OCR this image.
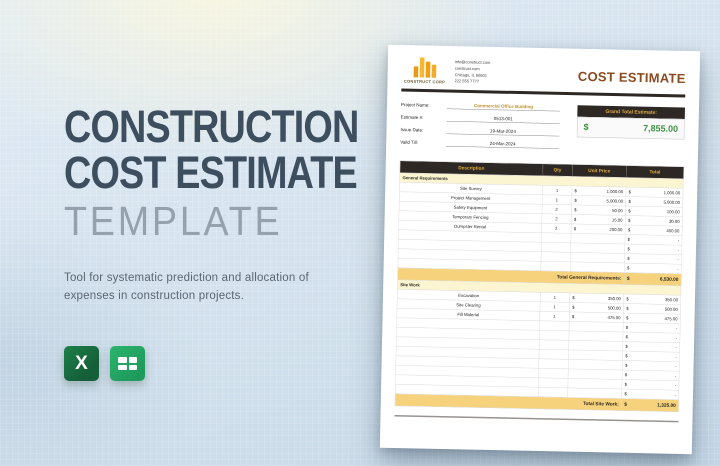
CONSTRUCTION
COST ESTIMATE
TEMPLATE

Tool for systematic prediction and allocation of expenses in construction projects.

X
CONSTRUCT CORP
info@construct.com
construct.com
Chicago, IL 60601
222 555 7777	COST ESTIMATE
Project Name:	Commercial Office Building
Estimate #:	0513-001
Issue Date:	19-Mar-2024
Valid Till:	24-Mar-2024
Grand Total Estimate:
$	7,855.00
Description	Qty	Unit Price	Total
General Requirements			
Site Survey	1	$ 1,000.00	$ 1,000.00

Project Management	1	$ 5,000.00	$ 5,000.00

Safety Equipment	2	$ 50.00	$ 100.00

Temporary Fencing	2	$ 15.00	$ 30.00

Dumpster Rental	2	$ 200.00	$ 400.00

			$ -

			$ -

			$ -

			$ -

Total General Requirements:			$ 6,530.00

Site Work			
Excavation	1	$ 350.00	$ 350.00

Site Clearing	1	$ 500.00	$ 500.00

Fill Material	1	$ 475.00	$ 475.00

			$ -

			$ -

			$ -

			$ -

			$ -

			$ -

			$ -

			$ -

Total Site Work:			$ 1,325.00
